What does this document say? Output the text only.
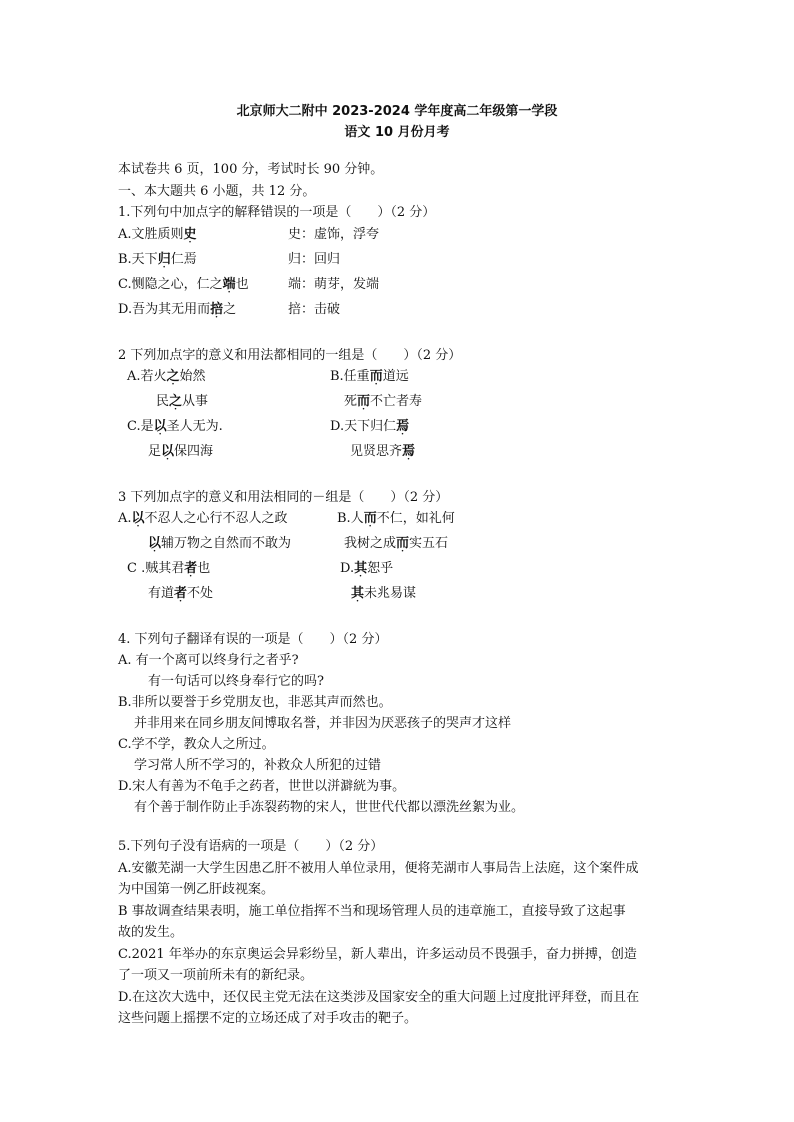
北京师大二附中 2023-2024 学年度高二年级第一学段
语文 10 月份月考
本试卷共 6 页，100 分，考试时长 90 分钟。
一、本大题共 6 小题，共 12 分。
1.下列句中加点字的解释错误的一项是（　　）（2 分）
A.文胜质则史	史：虚饰，浮夸
B.天下归仁焉	归：回归
C.恻隐之心，仁之端也	端：萌芽，发端
D.吾为其无用而掊之	掊：击破
2 下列加点字的意义和用法都相同的一组是（　　）（2 分）
A.若火之始然	B.任重而道远
民之从事	死而不亡者寿
C.是以圣人无为.	D.天下归仁焉
足以保四海	见贤思齐焉
3 下列加点字的意义和用法相同的－组是（　　）（2 分）
A.以不忍人之心行不忍人之政	B.人而不仁，如礼何
以辅万物之自然而不敢为	我树之成而实五石
C .贼其君者也	D.其恕乎
有道者不处	其未兆易谋
4. 下列句子翻译有误的一项是（　　）（2 分）
A. 有一个离可以终身行之者乎?
有一句话可以终身奉行它的吗?
B.非所以要誉于乡党朋友也，非恶其声而然也。
并非用来在同乡朋友间博取名誉，并非因为厌恶孩子的哭声才这样
C.学不学，教众人之所过。
学习常人所不学习的，补救众人所犯的过错
D.宋人有善为不龟手之药者，世世以洴澼絖为事。
有个善于制作防止手冻裂药物的宋人，世世代代都以漂洗丝絮为业。
5.下列句子没有语病的一项是（　　）（2 分）
A.安徽芜湖一大学生因患乙肝不被用人单位录用，便将芜湖市人事局告上法庭，这个案件成
为中国第一例乙肝歧视案。
B 事故调查结果表明，施工单位指挥不当和现场管理人员的违章施工，直接导致了这起事
故的发生。
C.2021 年举办的东京奥运会异彩纷呈，新人辈出，许多运动员不畏强手，奋力拼搏，创造
了一项又一项前所未有的新纪录。
D.在这次大选中，还仅民主党无法在这类涉及国家安全的重大问题上过度批评拜登，而且在
这些问题上摇摆不定的立场还成了对手攻击的靶子。
